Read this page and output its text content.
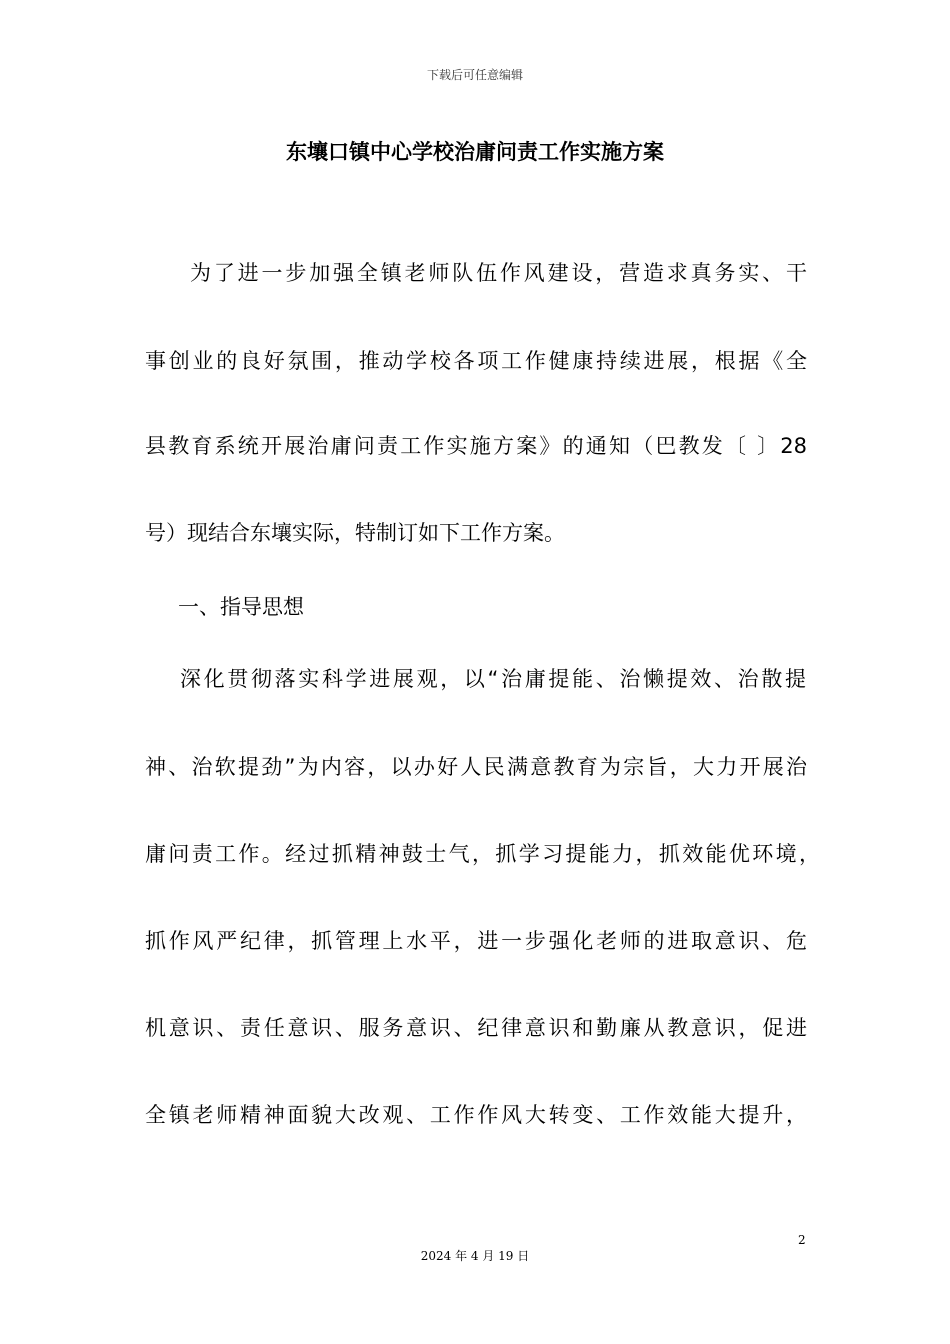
下载后可任意编辑
东壤口镇中心学校治庸问责工作实施方案
为了进一步加强全镇老师队伍作风建设，营造求真务实、干
事创业的良好氛围，推动学校各项工作健康持续进展，根据《全
县教育系统开展治庸问责工作实施方案》的通知（巴教发〔 〕28
号）现结合东壤实际，特制订如下工作方案。
一、指导思想
深化贯彻落实科学进展观，以“治庸提能、治懒提效、治散提
神、治软提劲”为内容，以办好人民满意教育为宗旨，大力开展治
庸问责工作。经过抓精神鼓士气，抓学习提能力，抓效能优环境，
抓作风严纪律，抓管理上水平，进一步强化老师的进取意识、危
机意识、责任意识、服务意识、纪律意识和勤廉从教意识，促进
全镇老师精神面貌大改观、工作作风大转变、工作效能大提升，
2
2024 年 4 月 19 日
